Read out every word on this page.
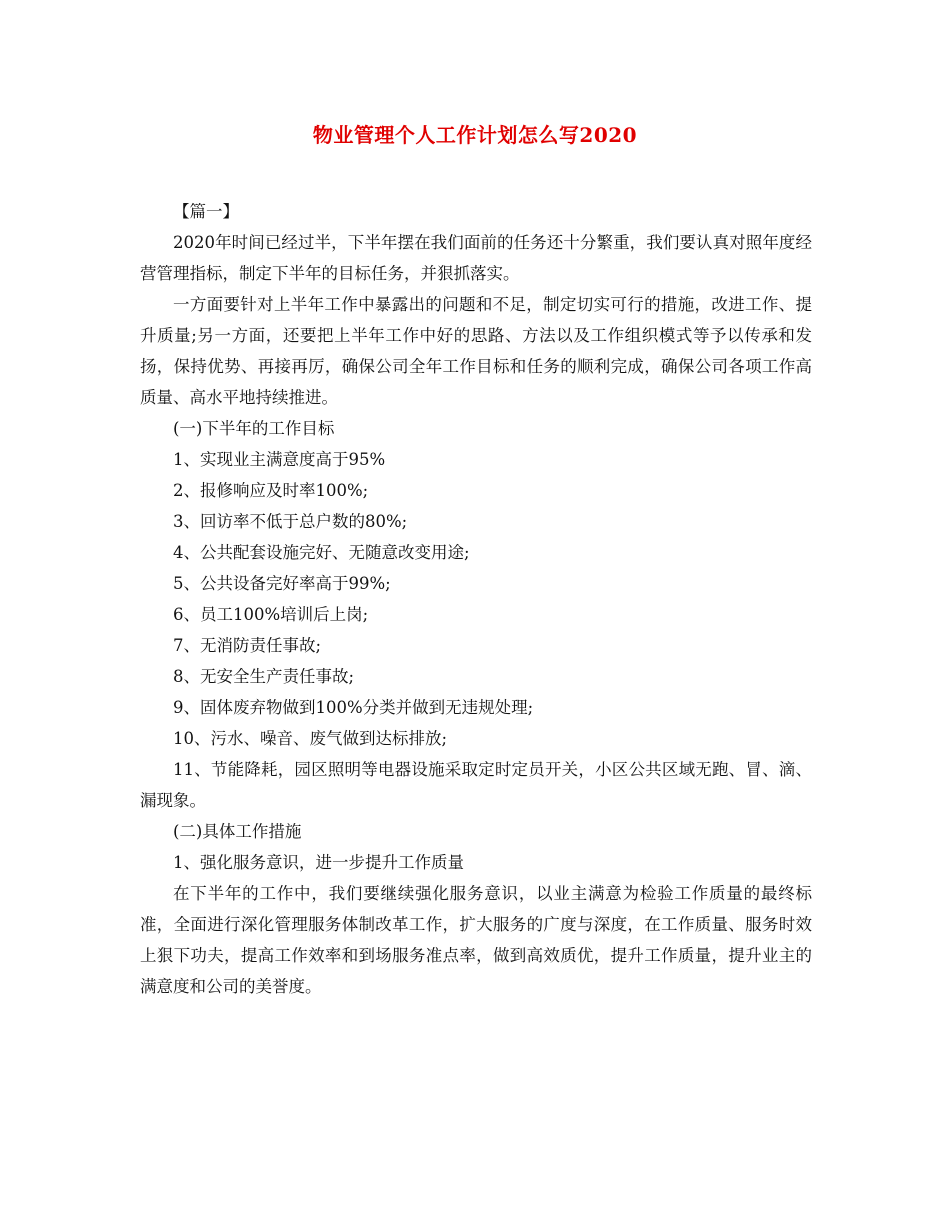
物业管理个人工作计划怎么写2020

【篇一】

2020年时间已经过半，下半年摆在我们面前的任务还十分繁重，我们要认真对照年度经营管理指标，制定下半年的目标任务，并狠抓落实。

一方面要针对上半年工作中暴露出的问题和不足，制定切实可行的措施，改进工作、提升质量;另一方面，还要把上半年工作中好的思路、方法以及工作组织模式等予以传承和发扬，保持优势、再接再厉，确保公司全年工作目标和任务的顺利完成，确保公司各项工作高质量、高水平地持续推进。

(一)下半年的工作目标

1、实现业主满意度高于95%

2、报修响应及时率100%;

3、回访率不低于总户数的80%;

4、公共配套设施完好、无随意改变用途;

5、公共设备完好率高于99%;

6、员工100%培训后上岗;

7、无消防责任事故;

8、无安全生产责任事故;

9、固体废弃物做到100%分类并做到无违规处理;

10、污水、噪音、废气做到达标排放;

11、节能降耗，园区照明等电器设施采取定时定员开关，小区公共区域无跑、冒、滴、漏现象。

(二)具体工作措施

1、强化服务意识，进一步提升工作质量

在下半年的工作中，我们要继续强化服务意识，以业主满意为检验工作质量的最终标准，全面进行深化管理服务体制改革工作，扩大服务的广度与深度，在工作质量、服务时效上狠下功夫，提高工作效率和到场服务准点率，做到高效质优，提升工作质量，提升业主的满意度和公司的美誉度。
